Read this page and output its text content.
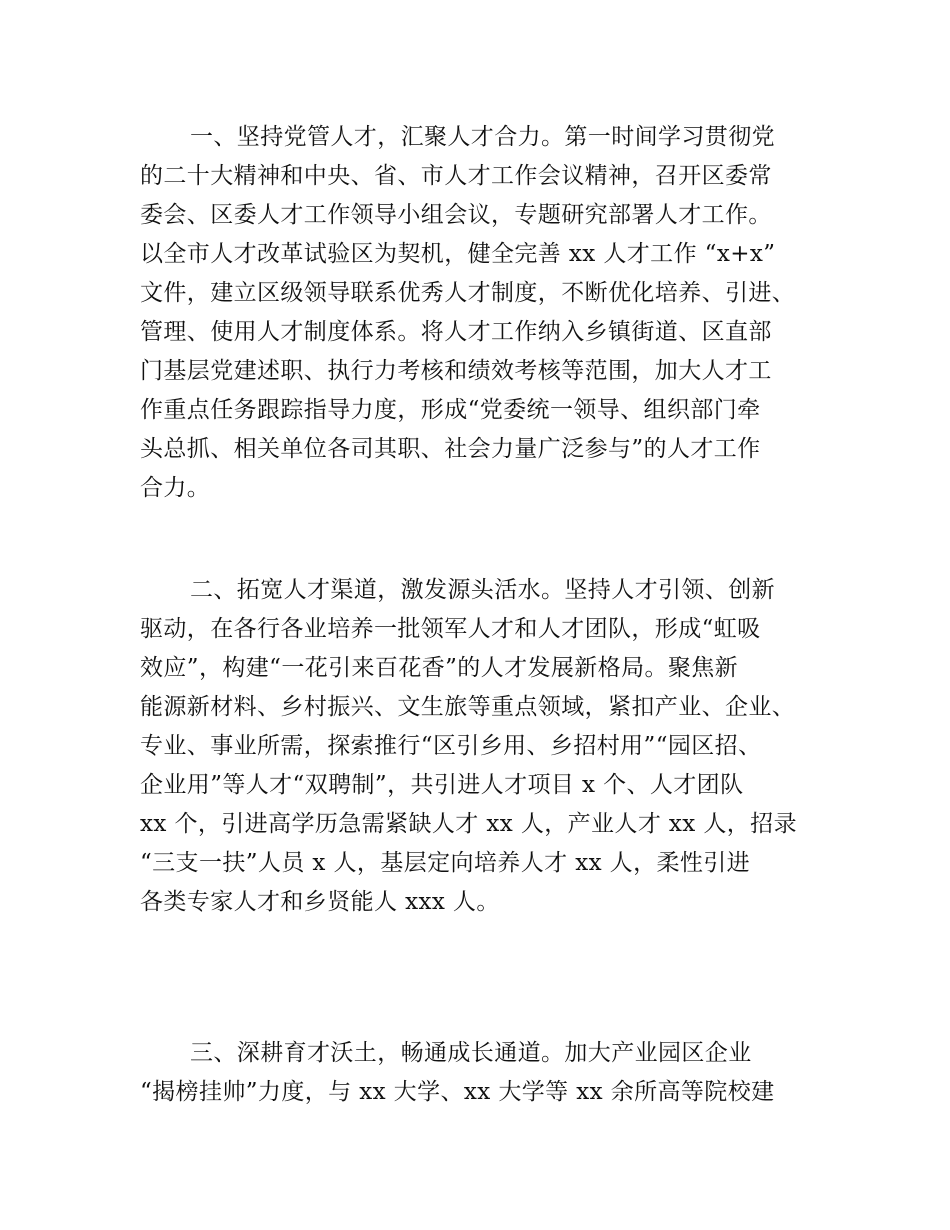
一、坚持党管人才，汇聚人才合力。第一时间学习贯彻党
的二十大精神和中央、省、市人才工作会议精神，召开区委常
委会、区委人才工作领导小组会议，专题研究部署人才工作。
以全市人才改革试验区为契机，健全完善 xx 人才工作 “x+x”
文件，建立区级领导联系优秀人才制度，不断优化培养、引进、
管理、使用人才制度体系。将人才工作纳入乡镇街道、区直部
门基层党建述职、执行力考核和绩效考核等范围，加大人才工
作重点任务跟踪指导力度，形成“党委统一领导、组织部门牵
头总抓、相关单位各司其职、社会力量广泛参与”的人才工作
合力。
二、拓宽人才渠道，激发源头活水。坚持人才引领、创新
驱动，在各行各业培养一批领军人才和人才团队，形成“虹吸
效应”，构建“一花引来百花香”的人才发展新格局。聚焦新
能源新材料、乡村振兴、文生旅等重点领域，紧扣产业、企业、
专业、事业所需，探索推行“区引乡用、乡招村用”“园区招、
企业用”等人才“双聘制”，共引进人才项目 x 个、人才团队
xx 个，引进高学历急需紧缺人才 xx 人，产业人才 xx 人，招录
“三支一扶”人员 x 人，基层定向培养人才 xx 人，柔性引进
各类专家人才和乡贤能人 xxx 人。
三、深耕育才沃土，畅通成长通道。加大产业园区企业
“揭榜挂帅”力度，与 xx 大学、xx 大学等 xx 余所高等院校建
